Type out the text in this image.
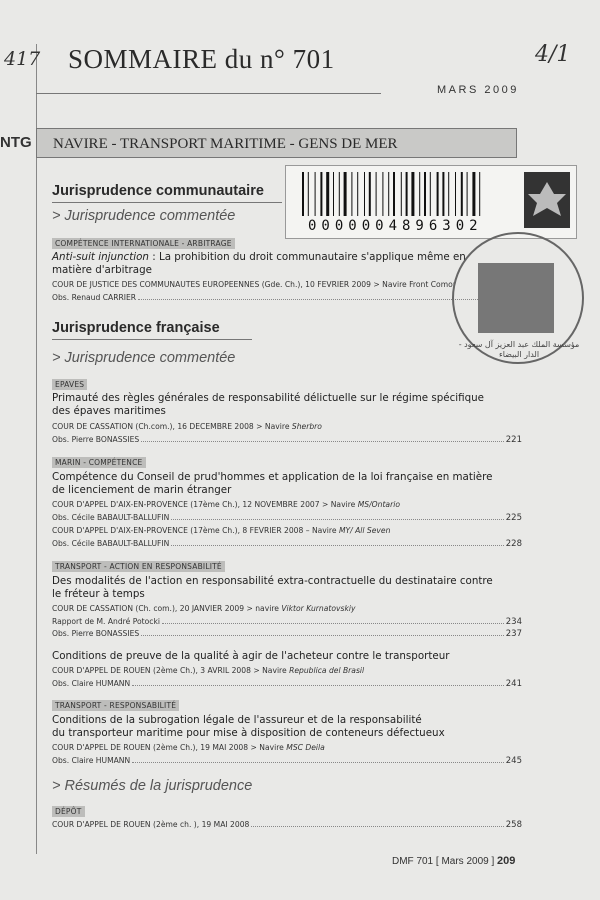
417	4/1
SOMMAIRE du n° 701
MARS 2009
NTG NAVIRE - TRANSPORT MARITIME - GENS DE MER
Jurisprudence communautaire
> Jurisprudence commentée
COMPÉTENCE INTERNATIONALE - ARBITRAGE
Anti-suit injunction : La prohibition du droit communautaire s'applique même en
matière d'arbitrage
COUR DE JUSTICE DES COMMUNAUTES EUROPEENNES (Gde. Ch.), 10 FEVRIER 2009 > Navire Front Comor
Obs. Renaud CARRIER
Jurisprudence française
> Jurisprudence commentée
EPAVES
Primauté des règles générales de responsabilité délictuelle sur le régime spécifique
des épaves maritimes
COUR DE CASSATION (Ch.com.), 16 DECEMBRE 2008 > Navire Sherbro
Obs. Pierre BONASSIES	221
MARIN - COMPÉTENCE
Compétence du Conseil de prud'hommes et application de la loi française en matière
de licenciement de marin étranger
COUR D'APPEL D'AIX-EN-PROVENCE (17ème Ch.), 12 NOVEMBRE 2007 > Navire MS/Ontario
Obs. Cécile BABAULT-BALLUFIN	225
COUR D'APPEL D'AIX-EN-PROVENCE (17ème Ch.), 8 FEVRIER 2008 – Navire MY/ All Seven
Obs. Cécile BABAULT-BALLUFIN	228
TRANSPORT - ACTION EN RESPONSABILITÉ
Des modalités de l'action en responsabilité extra-contractuelle du destinataire contre
le fréteur à temps
COUR DE CASSATION (Ch. com.), 20 JANVIER 2009 > navire Viktor Kurnatovskiy
Rapport de M. André Potocki	234
Obs. Pierre BONASSIES	237
Conditions de preuve de la qualité à agir de l'acheteur contre le transporteur
COUR D'APPEL DE ROUEN (2ème Ch.), 3 AVRIL 2008 > Navire Republica del Brasil
Obs. Claire HUMANN	241
TRANSPORT - RESPONSABILITÉ
Conditions de la subrogation légale de l'assureur et de la responsabilité
du transporteur maritime pour mise à disposition de conteneurs défectueux
COUR D'APPEL DE ROUEN (2ème Ch.), 19 MAI 2008 > Navire MSC Deila
Obs. Claire HUMANN	245
> Résumés de la jurisprudence
DÉPÔT
COUR D'APPEL DE ROUEN (2ème ch. ), 19 MAI 2008	258
DMF 701 [ Mars 2009 ] 209
0000004896302
مؤسسة الملك عبد العزيز آل سعود - الدار البيضاء
